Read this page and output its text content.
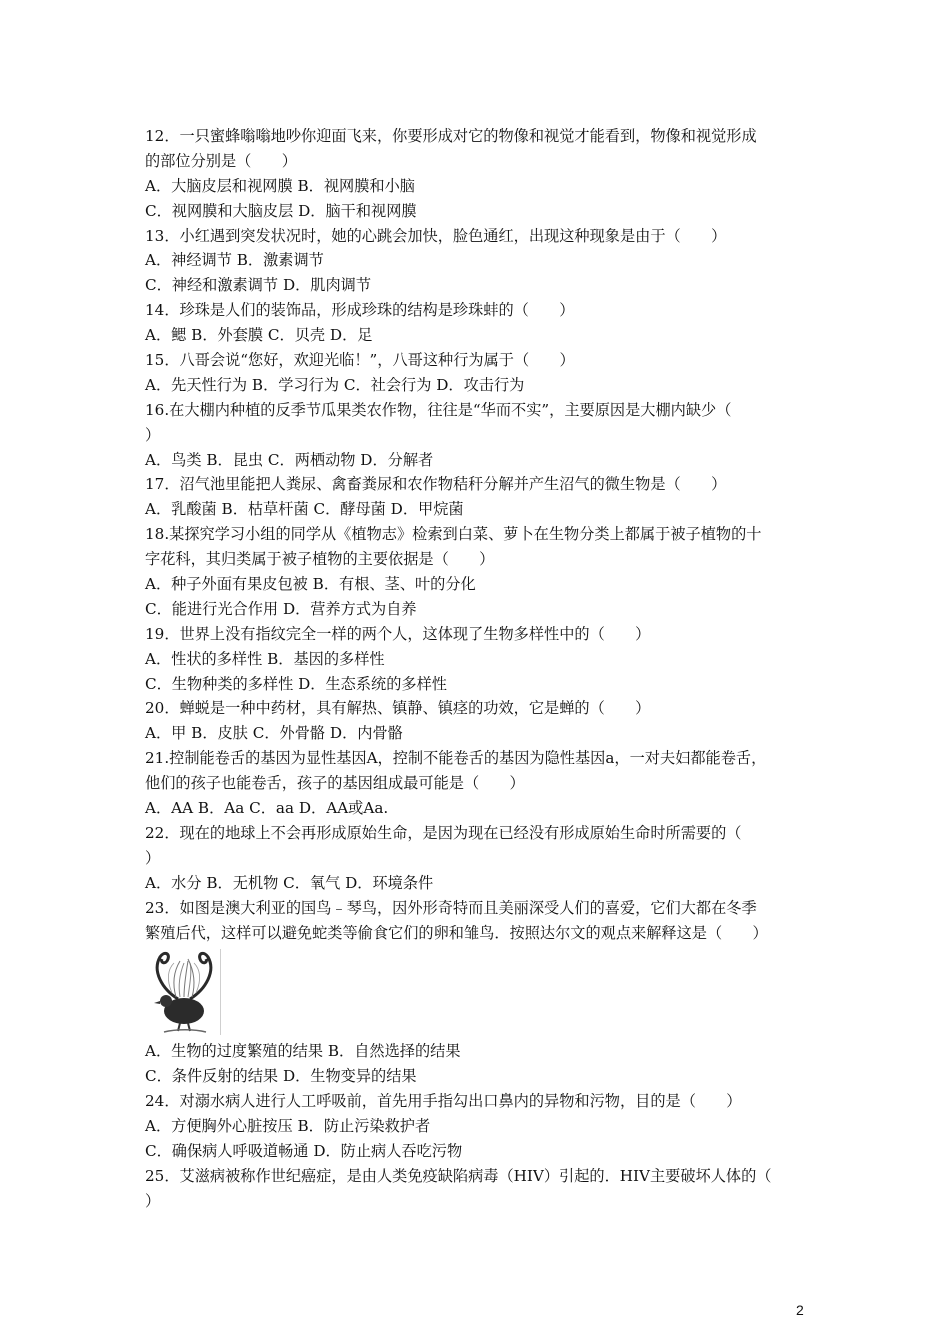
12．一只蜜蜂嗡嗡地吵你迎面飞来，你要形成对它的物像和视觉才能看到，物像和视觉形成
的部位分别是（　　）
A．大脑皮层和视网膜 B．视网膜和小脑
C．视网膜和大脑皮层 D．脑干和视网膜
13．小红遇到突发状况时，她的心跳会加快，脸色通红，出现这种现象是由于（　　）
A．神经调节 B．激素调节
C．神经和激素调节 D．肌肉调节
14．珍珠是人们的装饰品，形成珍珠的结构是珍珠蚌的（　　）
A．鳃 B．外套膜 C．贝壳 D．足
15．八哥会说“您好，欢迎光临！”，八哥这种行为属于（　　）
A．先天性行为 B．学习行为 C．社会行为 D．攻击行为
16.在大棚内种植的反季节瓜果类农作物，往往是“华而不实”，主要原因是大棚内缺少（
）
A．鸟类 B．昆虫 C．两栖动物 D．分解者
17．沼气池里能把人粪尿、禽畜粪尿和农作物秸秆分解并产生沼气的微生物是（　　）
A．乳酸菌 B．枯草杆菌 C．酵母菌 D．甲烷菌
18.某探究学习小组的同学从《植物志》检索到白菜、萝卜在生物分类上都属于被子植物的十
字花科，其归类属于被子植物的主要依据是（　　）
A．种子外面有果皮包被 B．有根、茎、叶的分化
C．能进行光合作用 D．营养方式为自养
19．世界上没有指纹完全一样的两个人，这体现了生物多样性中的（　　）
A．性状的多样性 B．基因的多样性
C．生物种类的多样性 D．生态系统的多样性
20．蝉蜕是一种中药材，具有解热、镇静、镇痉的功效，它是蝉的（　　）
A．甲 B．皮肤 C．外骨骼 D．内骨骼
21.控制能卷舌的基因为显性基因A，控制不能卷舌的基因为隐性基因a，一对夫妇都能卷舌，
他们的孩子也能卷舌，孩子的基因组成最可能是（　　）
A．AA B．Aa C．aa D．AA或Aa.
22．现在的地球上不会再形成原始生命，是因为现在已经没有形成原始生命时所需要的（
）
A．水分 B．无机物 C．氧气 D．环境条件
23．如图是澳大利亚的国鸟﹣琴鸟，因外形奇特而且美丽深受人们的喜爱，它们大都在冬季
繁殖后代，这样可以避免蛇类等偷食它们的卵和雏鸟．按照达尔文的观点来解释这是（　　）
A．生物的过度繁殖的结果 B．自然选择的结果
C．条件反射的结果 D．生物变异的结果
24．对溺水病人进行人工呼吸前，首先用手指勾出口鼻内的异物和污物，目的是（　　）
A．方便胸外心脏按压 B．防止污染救护者
C．确保病人呼吸道畅通 D．防止病人吞吃污物
25．艾滋病被称作世纪癌症，是由人类免疫缺陷病毒（HIV）引起的．HIV主要破坏人体的（
）
2
